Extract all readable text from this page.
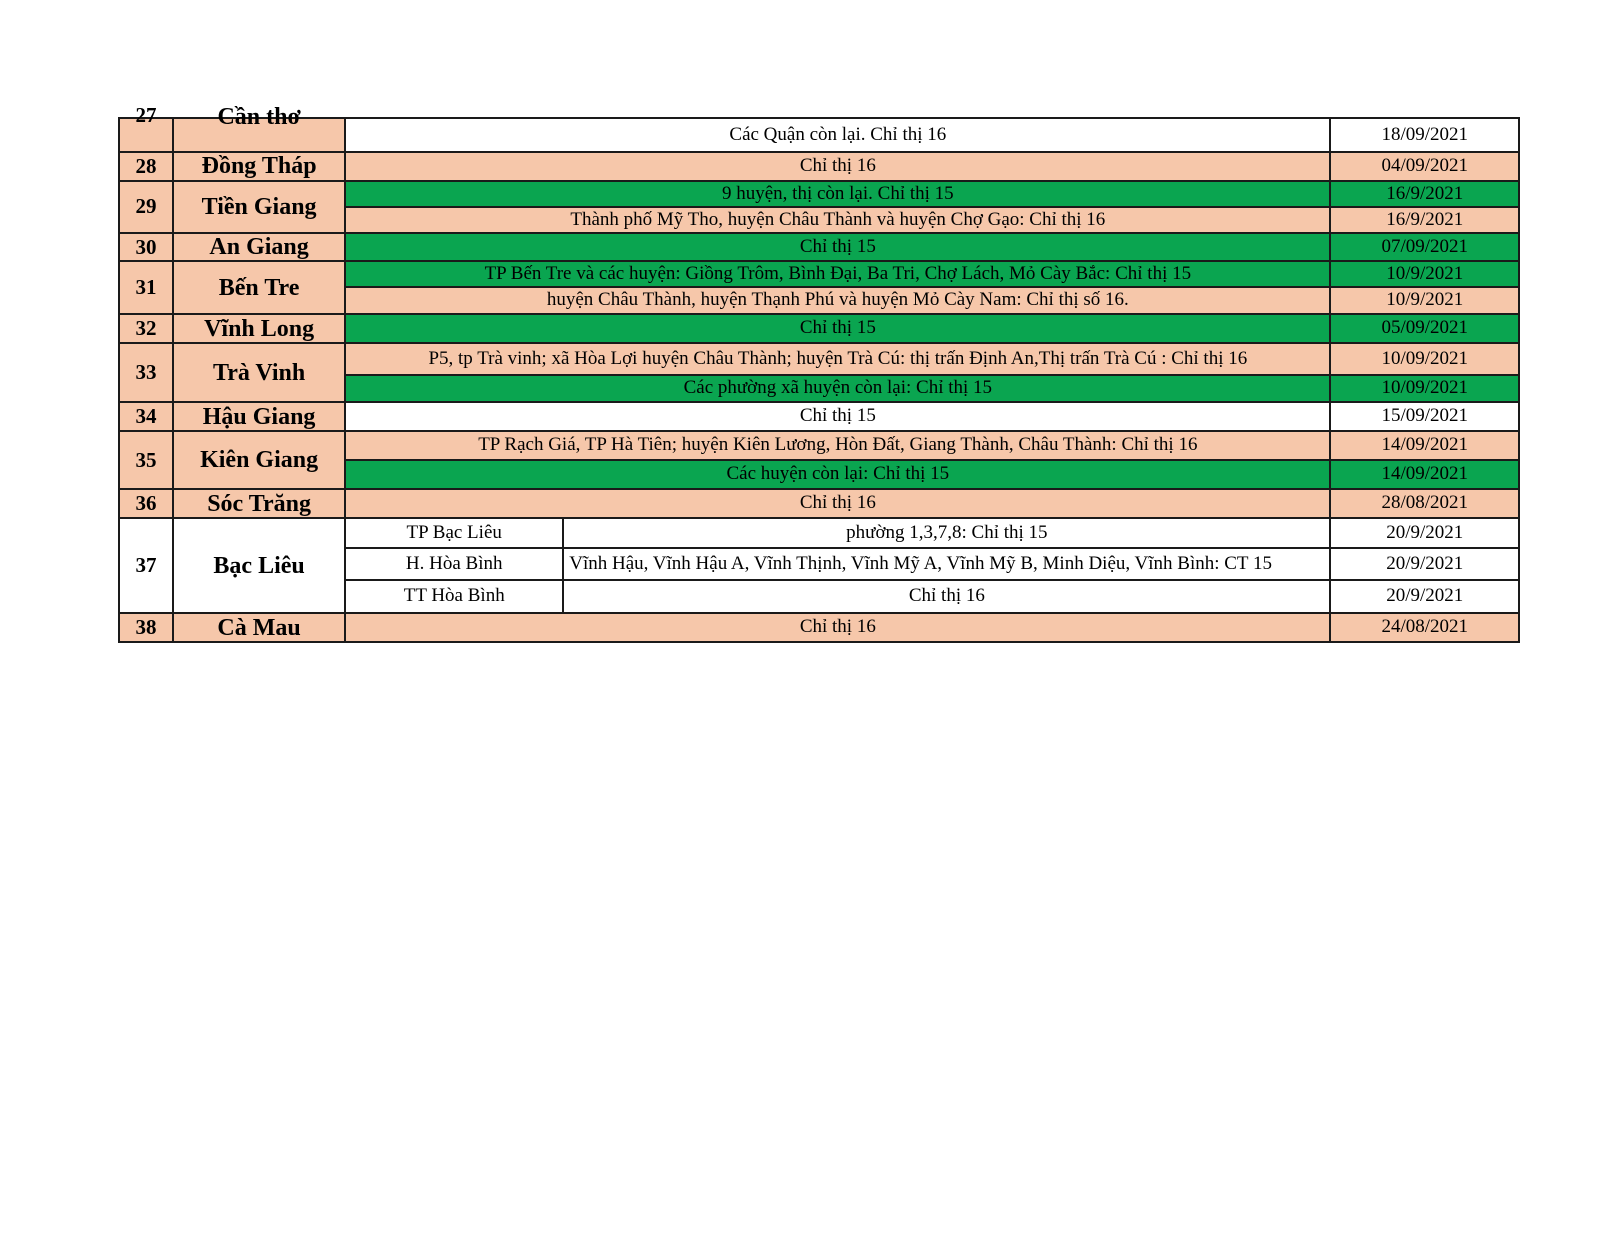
27	Cần thơ	Các Quận còn lại. Chỉ thị 16		18/09/2021
28	Đồng Tháp	Chỉ thị 16		04/09/2021
29	Tiền Giang	9 huyện, thị còn lại. Chỉ thị 15		16/9/2021
		Thành phố Mỹ Tho, huyện Châu Thành và huyện Chợ Gạo: Chỉ thị 16		16/9/2021
30	An Giang	Chỉ thị 15		07/09/2021
31	Bến Tre	TP Bến Tre và các huyện: Giồng Trôm, Bình Đại, Ba Tri, Chợ Lách, Mỏ Cày Bắc: Chỉ thị 15		10/9/2021
		huyện Châu Thành, huyện Thạnh Phú và huyện Mỏ Cày Nam: Chỉ thị số 16.		10/9/2021
32	Vĩnh Long	Chỉ thị 15		05/09/2021
33	Trà Vinh	P5, tp Trà vinh; xã Hòa Lợi huyện Châu Thành; huyện Trà Cú: thị trấn Định An,Thị trấn Trà Cú : Chỉ thị 16		10/09/2021
		Các phường xã huyện còn lại: Chỉ thị 15		10/09/2021
34	Hậu Giang	Chỉ thị 15		15/09/2021
35	Kiên Giang	TP Rạch Giá, TP Hà Tiên; huyện Kiên Lương, Hòn Đất, Giang Thành, Châu Thành: Chỉ thị 16		14/09/2021
		Các huyện còn lại: Chỉ thị 15		14/09/2021
36	Sóc Trăng	Chỉ thị 16		28/08/2021
37	Bạc Liêu	TP Bạc Liêu	phường 1,3,7,8: Chỉ thị 15	20/9/2021
		H. Hòa Bình	Vĩnh Hậu, Vĩnh Hậu A, Vĩnh Thịnh, Vĩnh Mỹ A, Vĩnh Mỹ B, Minh Diệu, Vĩnh Bình: CT 15	20/9/2021
		TT Hòa Bình	Chỉ thị 16	20/9/2021
38	Cà Mau	Chỉ thị 16		24/08/2021
